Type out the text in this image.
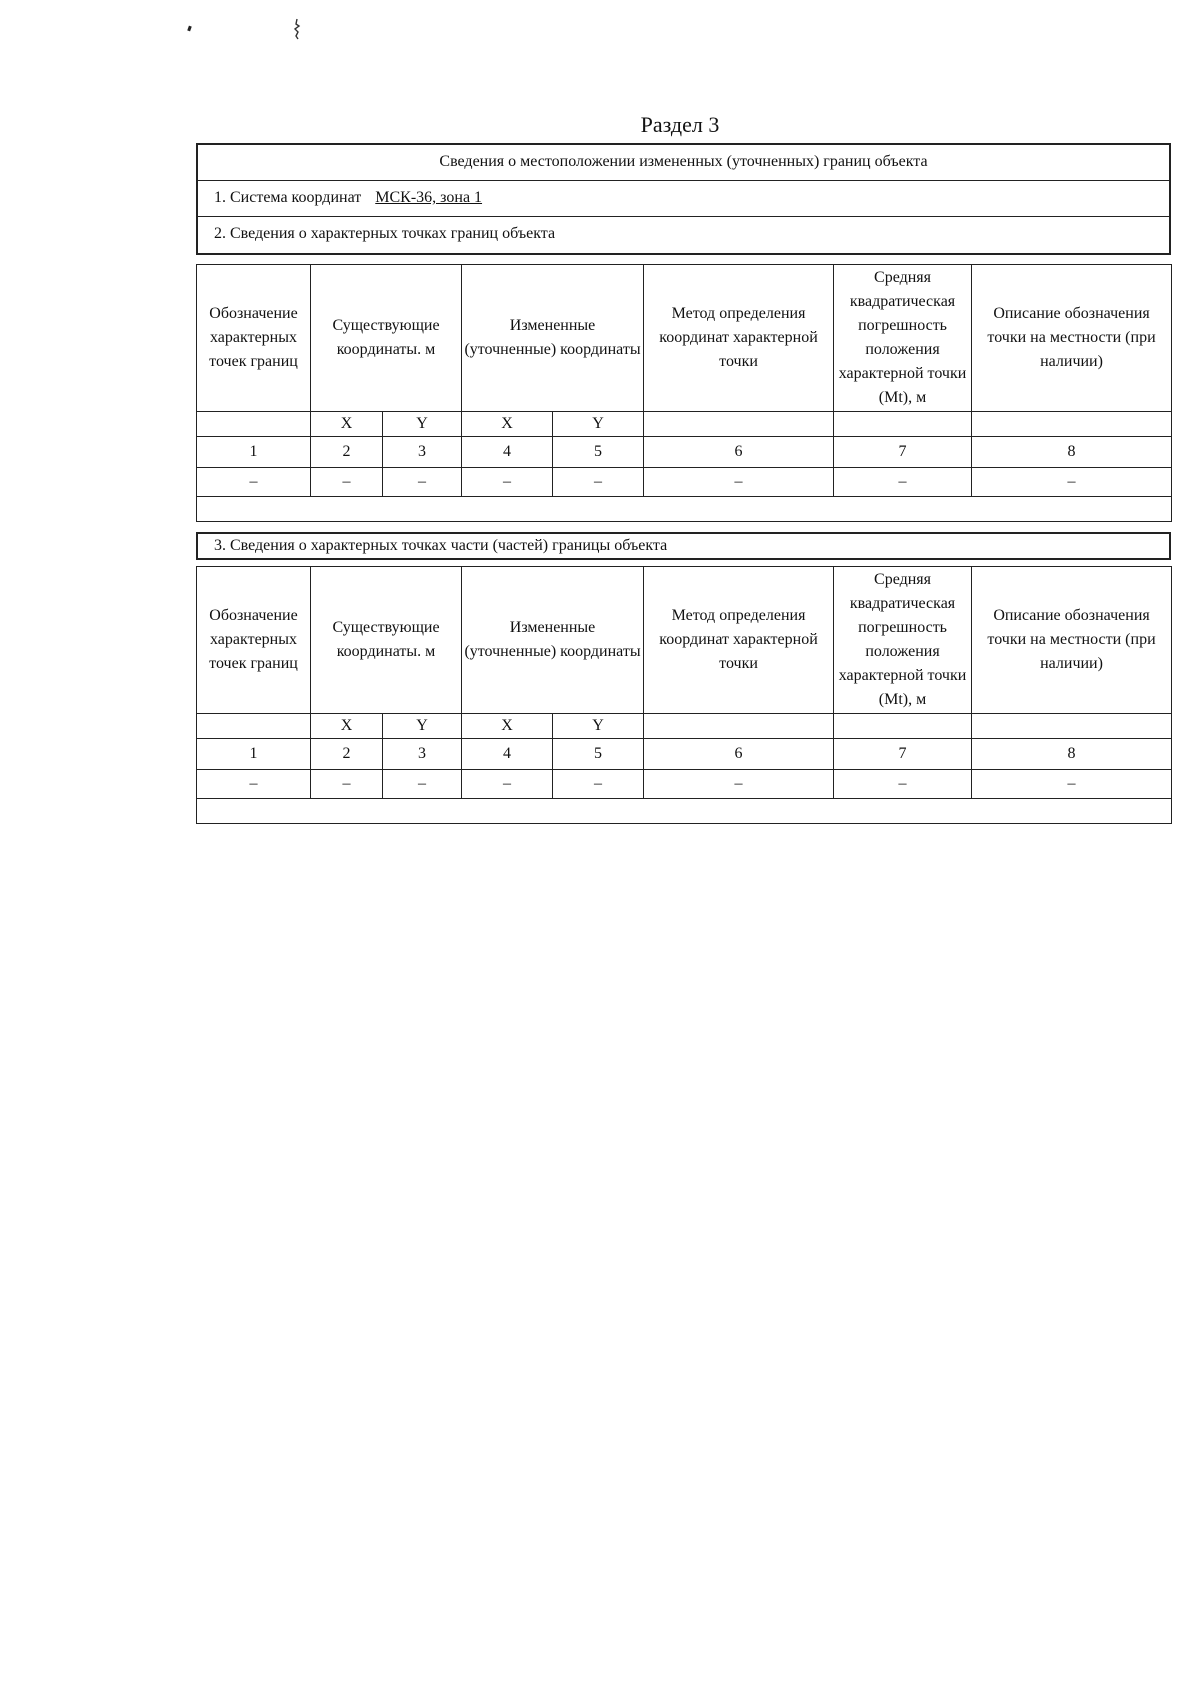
Раздел 3
Сведения о местоположении измененных (уточненных) границ объекта
1. Система координат МСК-36, зона 1
2. Сведения о характерных точках границ объекта
Обозначение характерных точек границ	Существующие координаты. м		Измененные (уточненные) координаты		Метод определения координат характерной точки	Средняя квадратическая погрешность положения характерной точки (Mt), м	Описание обозначения точки на местности (при наличии)
	X	Y	X	Y			
1	2	3	4	5	6	7	8
–	–	–	–	–	–	–	–

3. Сведения о характерных точках части (частей) границы объекта
Обозначение характерных точек границ	Существующие координаты. м		Измененные (уточненные) координаты		Метод определения координат характерной точки	Средняя квадратическая погрешность положения характерной точки (Mt), м	Описание обозначения точки на местности (при наличии)
	X	Y	X	Y			
1	2	3	4	5	6	7	8
–	–	–	–	–	–	–	–
